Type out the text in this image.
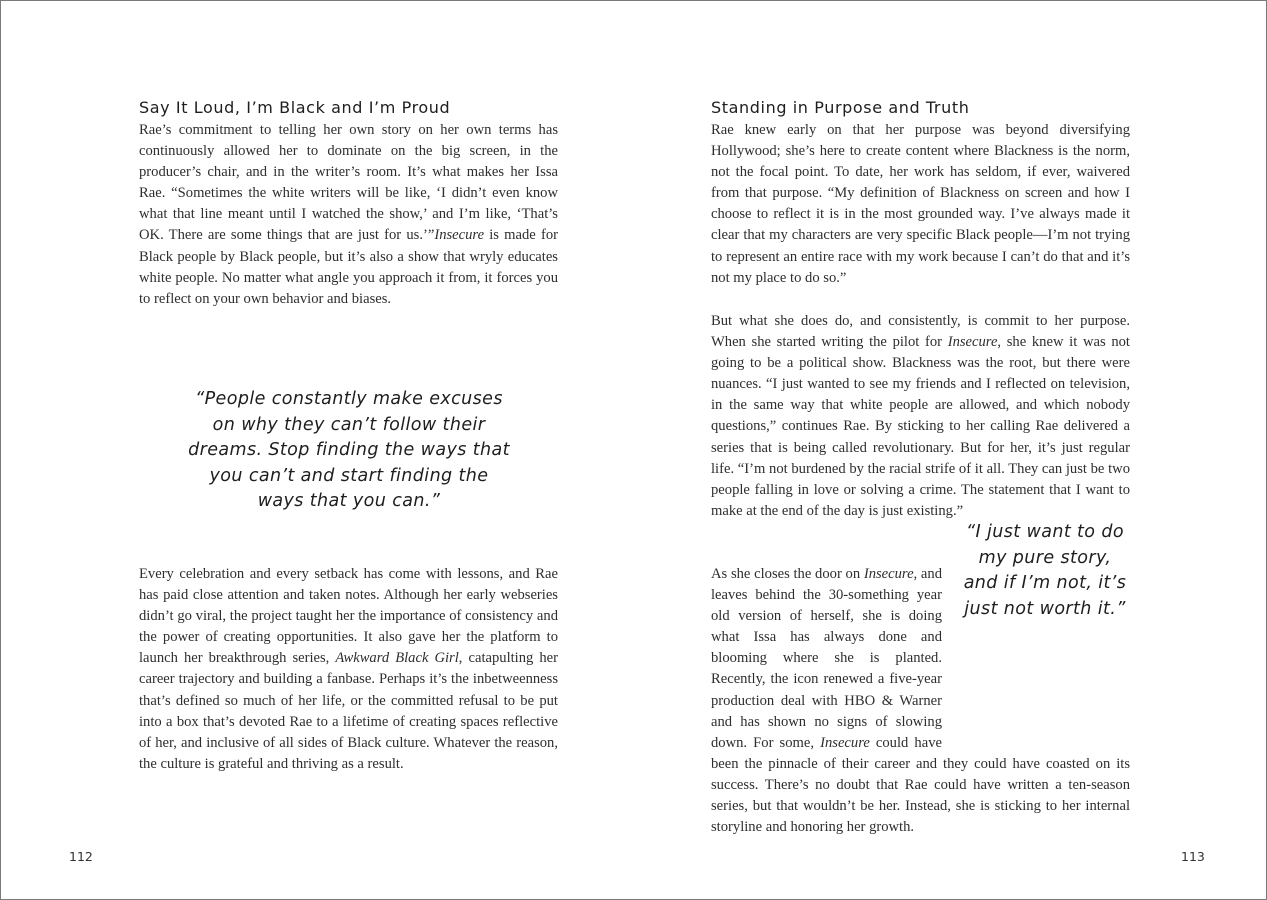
Say It Loud, I’m Black and I’m Proud

Rae’s commitment to telling her own story on her own terms has continuously allowed her to dominate on the big screen, in the producer’s chair, and in the writer’s room. It’s what makes her Issa Rae. “Sometimes the white writers will be like, ‘I didn’t even know what that line meant until I watched the show,’ and I’m like, ‘That’s OK. There are some things that are just for us.’”Insecure is made for Black people by Black people, but it’s also a show that wryly educates white people. No matter what angle you approach it from, it forces you to reflect on your own behavior and biases.

“People constantly make excuses on why they can’t follow their dreams. Stop finding the ways that you can’t and start finding the ways that you can.”

Every celebration and every setback has come with lessons, and Rae has paid close attention and taken notes. Although her early webseries didn’t go viral, the project taught her the importance of consistency and the power of creating opportunities. It also gave her the platform to launch her breakthrough series, Awkward Black Girl, catapulting her career trajectory and building a fanbase. Perhaps it’s the inbetweenness that’s defined so much of her life, or the committed refusal to be put into a box that’s devoted Rae to a lifetime of creating spaces reflective of her, and inclusive of all sides of Black culture. Whatever the reason, the culture is grateful and thriving as a result.

112
Standing in Purpose and Truth

Rae knew early on that her purpose was beyond diversifying Hollywood; she’s here to create content where Blackness is the norm, not the focal point. To date, her work has seldom, if ever, waivered from that purpose. “My definition of Blackness on screen and how I choose to reflect it is in the most grounded way. I’ve always made it clear that my characters are very specific Black people—I’m not trying to represent an entire race with my work because I can’t do that and it’s not my place to do so.”

But what she does do, and consistently, is commit to her purpose. When she started writing the pilot for Insecure, she knew it was not going to be a political show. Blackness was the root, but there were nuances. “I just wanted to see my friends and I reflected on television, in the same way that white people are allowed, and which nobody questions,” continues Rae. By sticking to her calling Rae delivered a series that is being called revolutionary. But for her, it’s just regular life. “I’m not burdened by the racial strife of it all. They can just be two people falling in love or solving a crime. The statement that I want to make at the end of the day is just existing.”

“I just want to do my pure story, and if I’m not, it’s just not worth it.”

As she closes the door on Insecure, and leaves behind the 30-something year old version of herself, she is doing what Issa has always done and blooming where she is planted. Recently, the icon renewed a five-year production deal with HBO & Warner and has shown no signs of slowing down. For some, Insecure could have been the pinnacle of their career and they could have coasted on its success. There’s no doubt that Rae could have written a ten-season series, but that wouldn’t be her. Instead, she is sticking to her internal storyline and honoring her growth.
113
